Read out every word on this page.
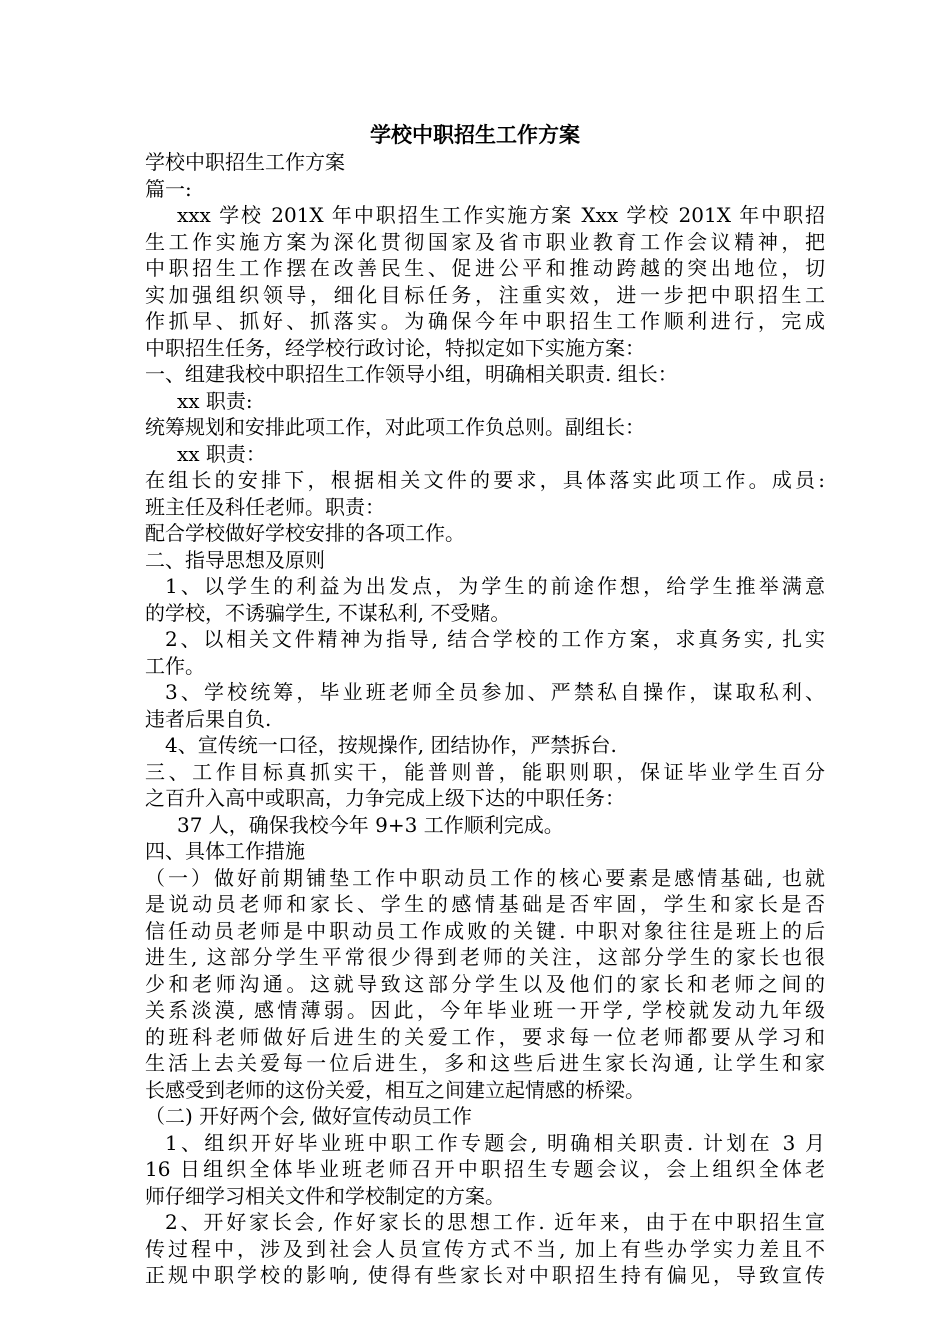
学校中职招生工作方案
学校中职招生工作方案
篇一:
xxx 学校 201X 年中职招生工作实施方案 Xxx 学校 201X 年中职招
生工作实施方案为深化贯彻国家及省市职业教育工作会议精神，把
中职招生工作摆在改善民生、促进公平和推动跨越的突出地位，切
实加强组织领导，细化目标任务，注重实效，进一步把中职招生工
作抓早、抓好、抓落实。为确保今年中职招生工作顺利进行，完成
中职招生任务，经学校行政讨论，特拟定如下实施方案：
一、组建我校中职招生工作领导小组，明确相关职责. 组长：
xx 职责:
统筹规划和安排此项工作，对此项工作负总则。副组长：
xx 职责：
在组长的安排下，根据相关文件的要求，具体落实此项工作。成员:
班主任及科任老师。职责：
配合学校做好学校安排的各项工作。
二、指导思想及原则
1、以学生的利益为出发点，为学生的前途作想，给学生推举满意
的学校，不诱骗学生, 不谋私利, 不受赌。
2、以相关文件精神为指导, 结合学校的工作方案，求真务实, 扎实
工作。
3、学校统筹，毕业班老师全员参加、严禁私自操作，谋取私利、
违者后果自负.
4、宣传统一口径，按规操作, 团结协作，严禁拆台.
三、工作目标真抓实干，能普则普，能职则职，保证毕业学生百分
之百升入高中或职高，力争完成上级下达的中职任务：
37 人，确保我校今年 9+3 工作顺利完成。
四、具体工作措施
（一）做好前期铺垫工作中职动员工作的核心要素是感情基础, 也就
是说动员老师和家长、学生的感情基础是否牢固，学生和家长是否
信任动员老师是中职动员工作成败的关键. 中职对象往往是班上的后
进生, 这部分学生平常很少得到老师的关注，这部分学生的家长也很
少和老师沟通。这就导致这部分学生以及他们的家长和老师之间的
关系淡漠, 感情薄弱。因此，今年毕业班一开学, 学校就发动九年级
的班科老师做好后进生的关爱工作，要求每一位老师都要从学习和
生活上去关爱每一位后进生，多和这些后进生家长沟通, 让学生和家
长感受到老师的这份关爱，相互之间建立起情感的桥梁。
（二) 开好两个会, 做好宣传动员工作
1、组织开好毕业班中职工作专题会, 明确相关职责. 计划在 3 月
16 日组织全体毕业班老师召开中职招生专题会议，会上组织全体老
师仔细学习相关文件和学校制定的方案。
2、开好家长会, 作好家长的思想工作. 近年来，由于在中职招生宣
传过程中，涉及到社会人员宣传方式不当, 加上有些办学实力差且不
正规中职学校的影响, 使得有些家长对中职招生持有偏见，导致宣传
